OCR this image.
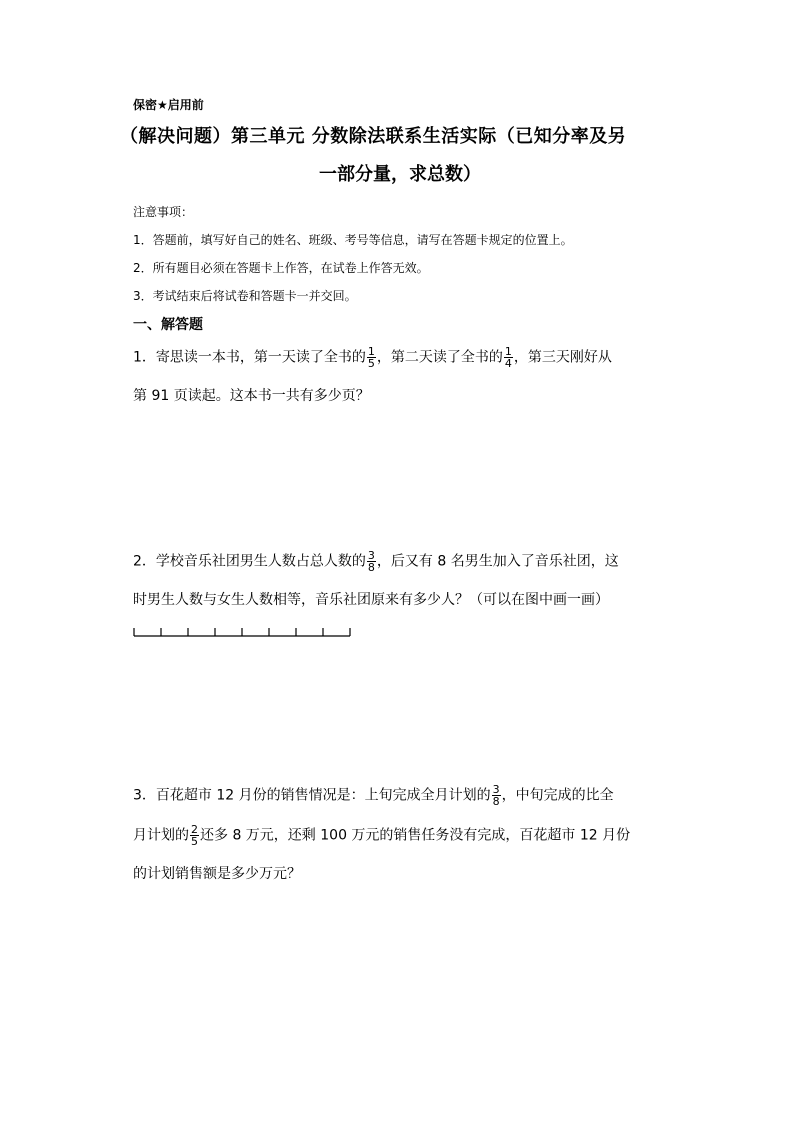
保密★启用前
（解决问题）第三单元 分数除法联系生活实际（已知分率及另
一部分量，求总数）
注意事项：
1．答题前，填写好自己的姓名、班级、考号等信息，请写在答题卡规定的位置上。
2．所有题目必须在答题卡上作答，在试卷上作答无效。
3．考试结束后将试卷和答题卡一并交回。
一、解答题
1．寄思读一本书，第一天读了全书的 $\frac{1}{5}$ ，第二天读了全书的 $\frac{1}{4}$ ，第三天刚好从
第 91 页读起。这本书一共有多少页？
2．学校音乐社团男生人数占总人数的 $\frac{3}{8}$ ，后又有 8 名男生加入了音乐社团，这
时男生人数与女生人数相等，音乐社团原来有多少人？（可以在图中画一画）
3．百花超市 12 月份的销售情况是：上旬完成全月计划的 $\frac{3}{8}$ ，中旬完成的比全
月计划的 $\frac{2}{5}$ 还多 8 万元，还剩 100 万元的销售任务没有完成，百花超市 12 月份
的计划销售额是多少万元？
